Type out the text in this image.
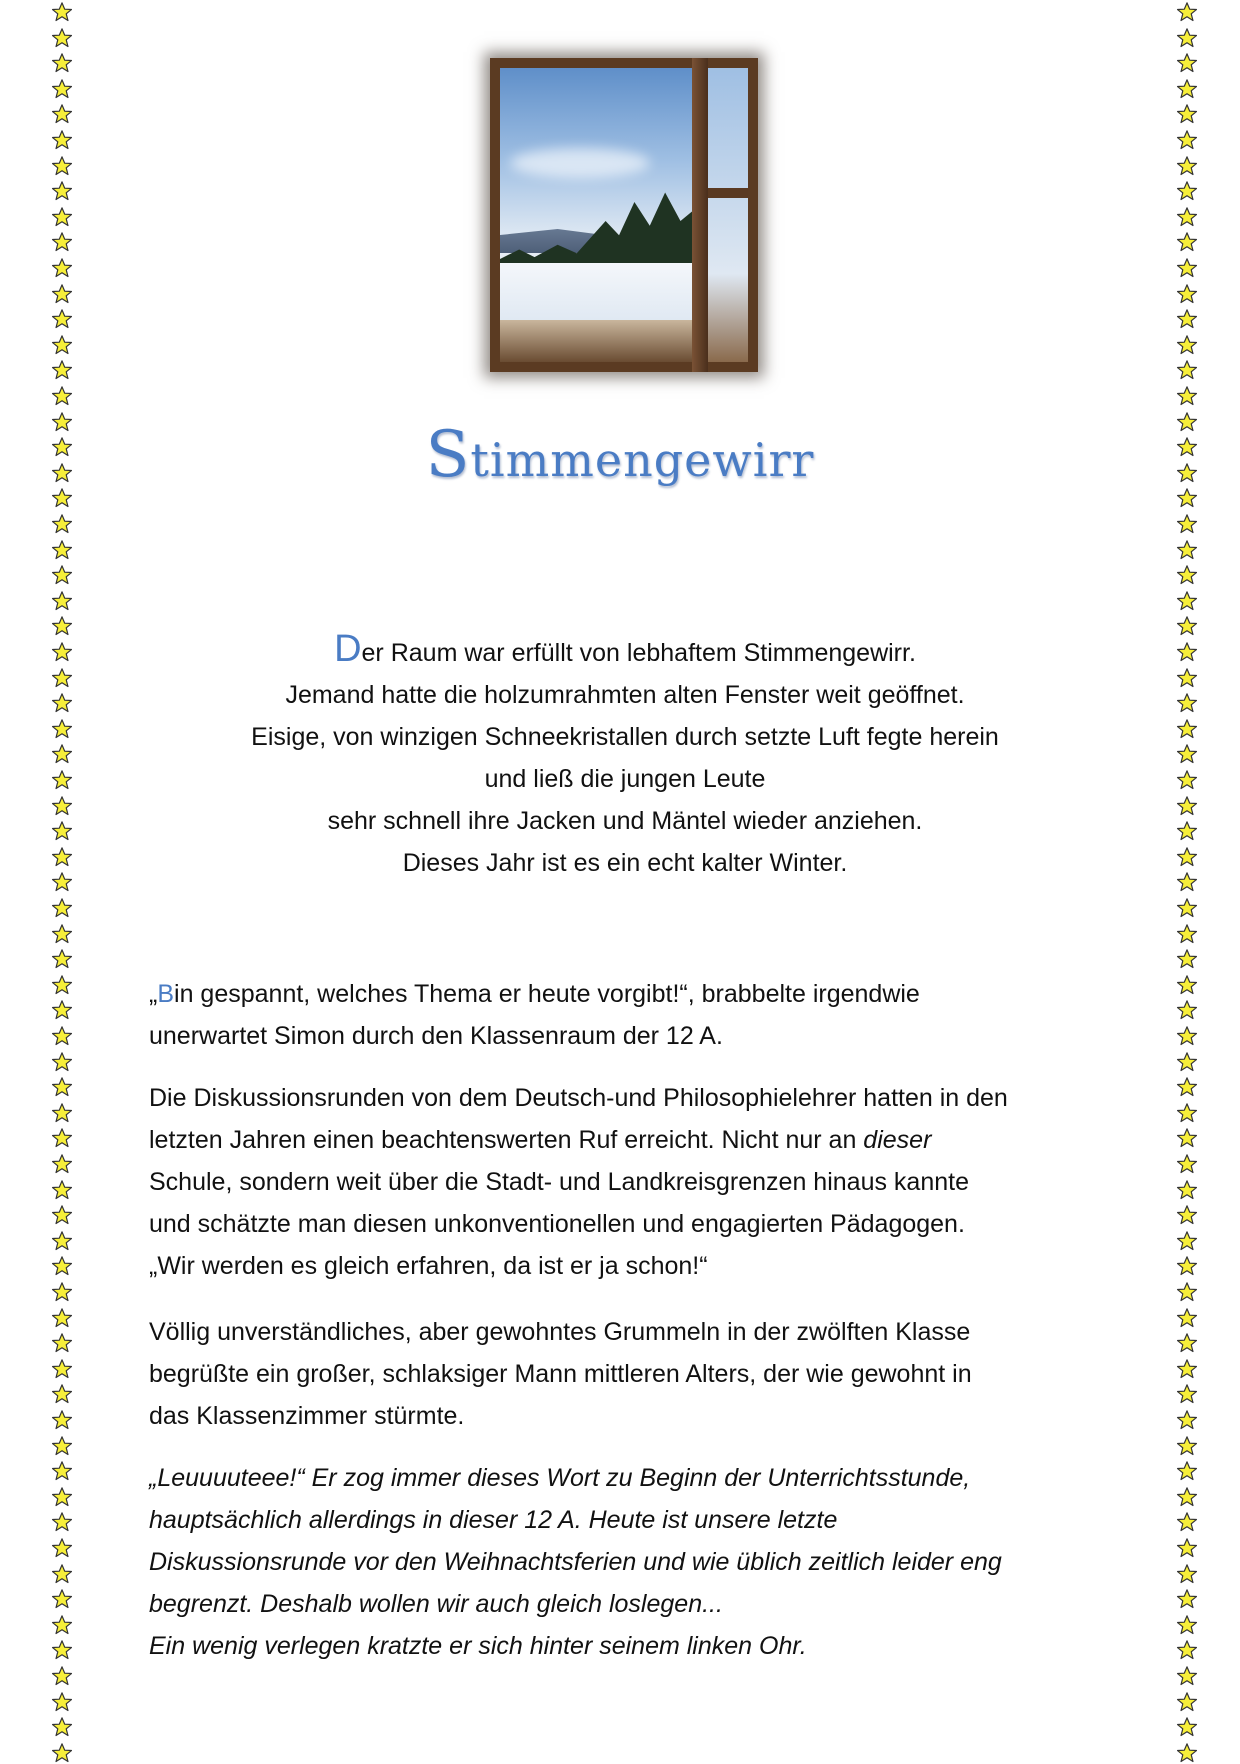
Stimmengewirr
Der Raum war erfüllt von lebhaftem Stimmengewirr.
Jemand hatte die holzumrahmten alten Fenster weit geöffnet.
Eisige, von winzigen Schneekristallen durch setzte Luft fegte herein
und ließ die jungen Leute
sehr schnell ihre Jacken und Mäntel wieder anziehen.
Dieses Jahr ist es ein echt kalter Winter.
„Bin gespannt, welches Thema er heute vorgibt!“, brabbelte irgendwie
unerwartet Simon durch den Klassenraum der 12 A.
Die Diskussionsrunden von dem Deutsch-und Philosophielehrer hatten in den
letzten Jahren einen beachtenswerten Ruf erreicht. Nicht nur an dieser
Schule, sondern weit über die Stadt- und Landkreisgrenzen hinaus kannte
und schätzte man diesen unkonventionellen und engagierten Pädagogen.
„Wir werden es gleich erfahren, da ist er ja schon!“
Völlig unverständliches, aber gewohntes Grummeln in der zwölften Klasse
begrüßte ein großer, schlaksiger Mann mittleren Alters, der wie gewohnt in
das Klassenzimmer stürmte.
„Leuuuuteee!“ Er zog immer dieses Wort zu Beginn der Unterrichtsstunde,
hauptsächlich allerdings in dieser 12 A. Heute ist unsere letzte
Diskussionsrunde vor den Weihnachtsferien und wie üblich zeitlich leider eng
begrenzt. Deshalb wollen wir auch gleich loslegen...
Ein wenig verlegen kratzte er sich hinter seinem linken Ohr.
